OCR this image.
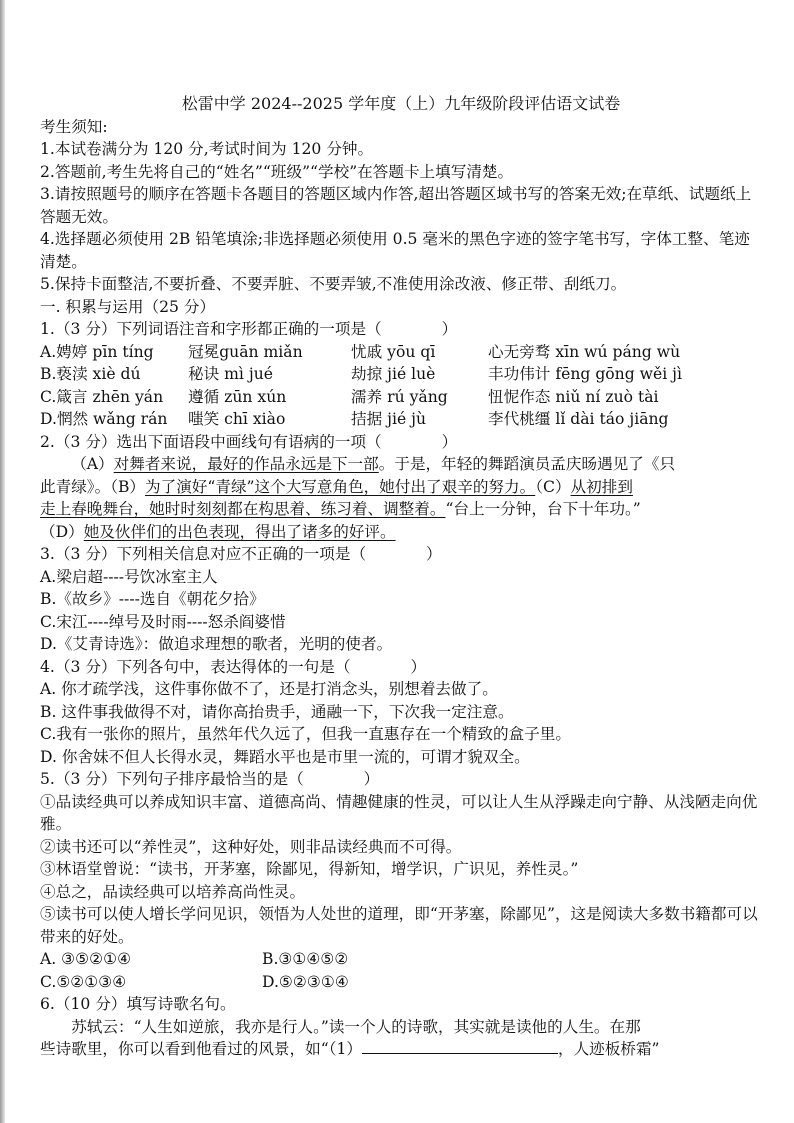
松雷中学 2024--2025 学年度（上）九年级阶段评估语文试卷
考生须知:
1.本试卷满分为 120 分,考试时间为 120 分钟。
2.答题前,考生先将自己的“姓名”“班级”“学校”在答题卡上填写清楚。
3.请按照题号的顺序在答题卡各题目的答题区域内作答,超出答题区域书写的答案无效;在草纸、试题纸上答题无效。
4.选择题必须使用 2B 铅笔填涂;非选择题必须使用 0.5 毫米的黑色字迹的签字笔书写，字体工整、笔迹清楚。
5.保持卡面整洁,不要折叠、不要弄脏、不要弄皱,不准使用涂改液、修正带、刮纸刀。
一. 积累与运用（25 分）
1.（3 分）下列词语注音和字形都正确的一项是（	）
A.娉婷 pīn tíng	冠冕guān miǎn	忧戚 yōu qī	心无旁骛 xīn wú páng wù
B.亵渎 xiè dú	秘诀 mì jué	劫掠 jié luè	丰功伟计 fēng gōng wěi jì
C.箴言 zhēn yán	遵循 zūn xún	濡养 rú yǎng	忸怩作态 niǔ ní zuò tài
D.惘然 wǎng rán	嗤笑 chī xiào	拮据 jié jù	李代桃缰 lǐ dài táo jiāng
2.（3 分）选出下面语段中画线句有语病的一项（	）
（A）对舞者来说，最好的作品永远是下一部。于是，年轻的舞蹈演员孟庆旸遇见了《只
此青绿》。（B）为了演好“青绿”这个大写意角色，她付出了艰辛的努力。（C）从初排到
走上春晚舞台，她时时刻刻都在构思着、练习着、调整着。“台上一分钟，台下十年功。”
（D）她及伙伴们的出色表现，得出了诸多的好评。
3.（3 分）下列相关信息对应不正确的一项是（	）
A.梁启超----号饮冰室主人
B.《故乡》----选自《朝花夕拾》
C.宋江----绰号及时雨----怒杀阎婆惜
D.《艾青诗选》：做追求理想的歌者，光明的使者。
4.（3 分）下列各句中，表达得体的一句是（	）
A. 你才疏学浅，这件事你做不了，还是打消念头，别想着去做了。
B. 这件事我做得不对，请你高抬贵手，通融一下，下次我一定注意。
C.我有一张你的照片，虽然年代久远了，但我一直惠存在一个精致的盒子里。
D. 你舍妹不但人长得水灵，舞蹈水平也是市里一流的，可谓才貌双全。
5.（3 分）下列句子排序最恰当的是（	）
①品读经典可以养成知识丰富、道德高尚、情趣健康的性灵，可以让人生从浮躁走向宁静、从浅陋走向优雅。
②读书还可以“养性灵”，这种好处，则非品读经典而不可得。
③林语堂曾说：“读书，开茅塞，除鄙见，得新知，增学识，广识见，养性灵。”
④总之，品读经典可以培养高尚性灵。
⑤读书可以使人增长学问见识，领悟为人处世的道理，即“开茅塞，除鄙见”，这是阅读大多数书籍都可以带来的好处。
A. ③⑤②①④	B.③①④⑤②
C.⑤②①③④	D.⑤②③①④
6.（10 分）填写诗歌名句。
苏轼云：“人生如逆旅，我亦是行人。”读一个人的诗歌，其实就是读他的人生。在那
些诗歌里，你可以看到他看过的风景，如“（1）	，人迹板桥霜”
